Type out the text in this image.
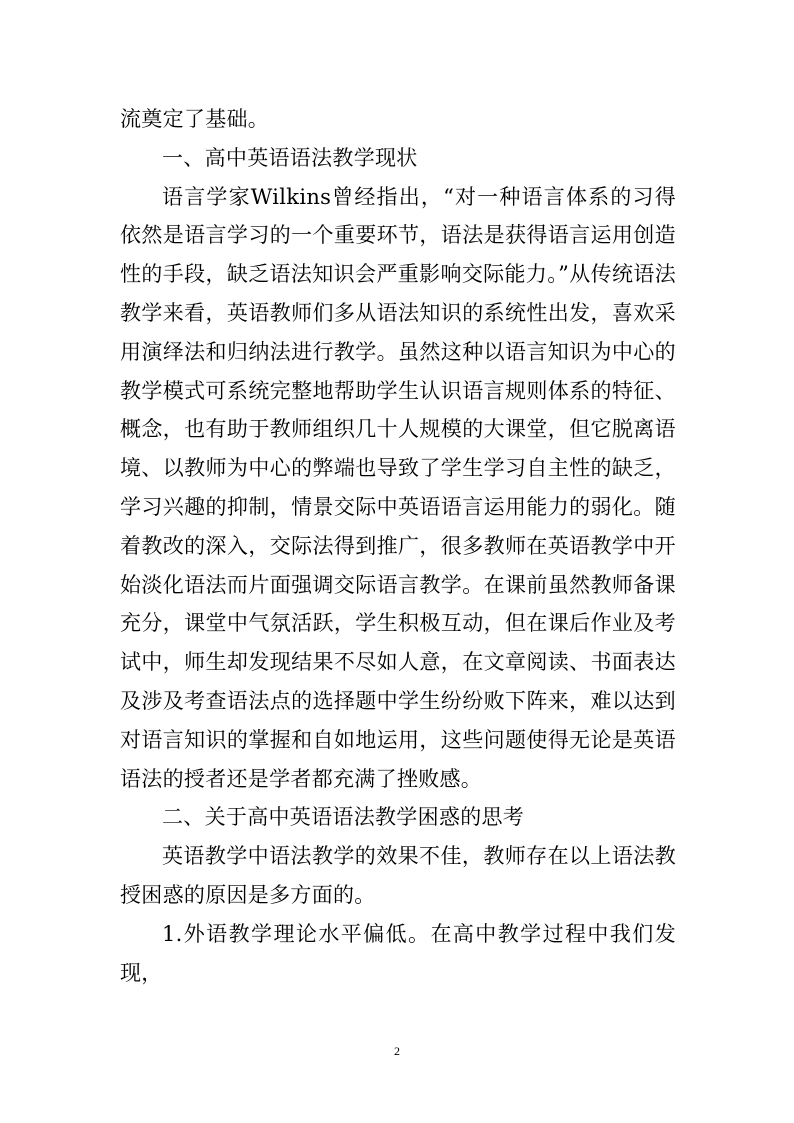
流奠定了基础。

一、高中英语语法教学现状

语言学家Wilkins曾经指出，“对一种语言体系的习得依然是语言学习的一个重要环节，语法是获得语言运用创造性的手段，缺乏语法知识会严重影响交际能力。”从传统语法教学来看，英语教师们多从语法知识的系统性出发，喜欢采用演绎法和归纳法进行教学。虽然这种以语言知识为中心的教学模式可系统完整地帮助学生认识语言规则体系的特征、概念，也有助于教师组织几十人规模的大课堂，但它脱离语境、以教师为中心的弊端也导致了学生学习自主性的缺乏，学习兴趣的抑制，情景交际中英语语言运用能力的弱化。随着教改的深入，交际法得到推广，很多教师在英语教学中开始淡化语法而片面强调交际语言教学。在课前虽然教师备课充分，课堂中气氛活跃，学生积极互动，但在课后作业及考试中，师生却发现结果不尽如人意，在文章阅读、书面表达及涉及考查语法点的选择题中学生纷纷败下阵来，难以达到对语言知识的掌握和自如地运用，这些问题使得无论是英语语法的授者还是学者都充满了挫败感。

二、关于高中英语语法教学困惑的思考

英语教学中语法教学的效果不佳，教师存在以上语法教授困惑的原因是多方面的。

1.外语教学理论水平偏低。在高中教学过程中我们发现，

2
